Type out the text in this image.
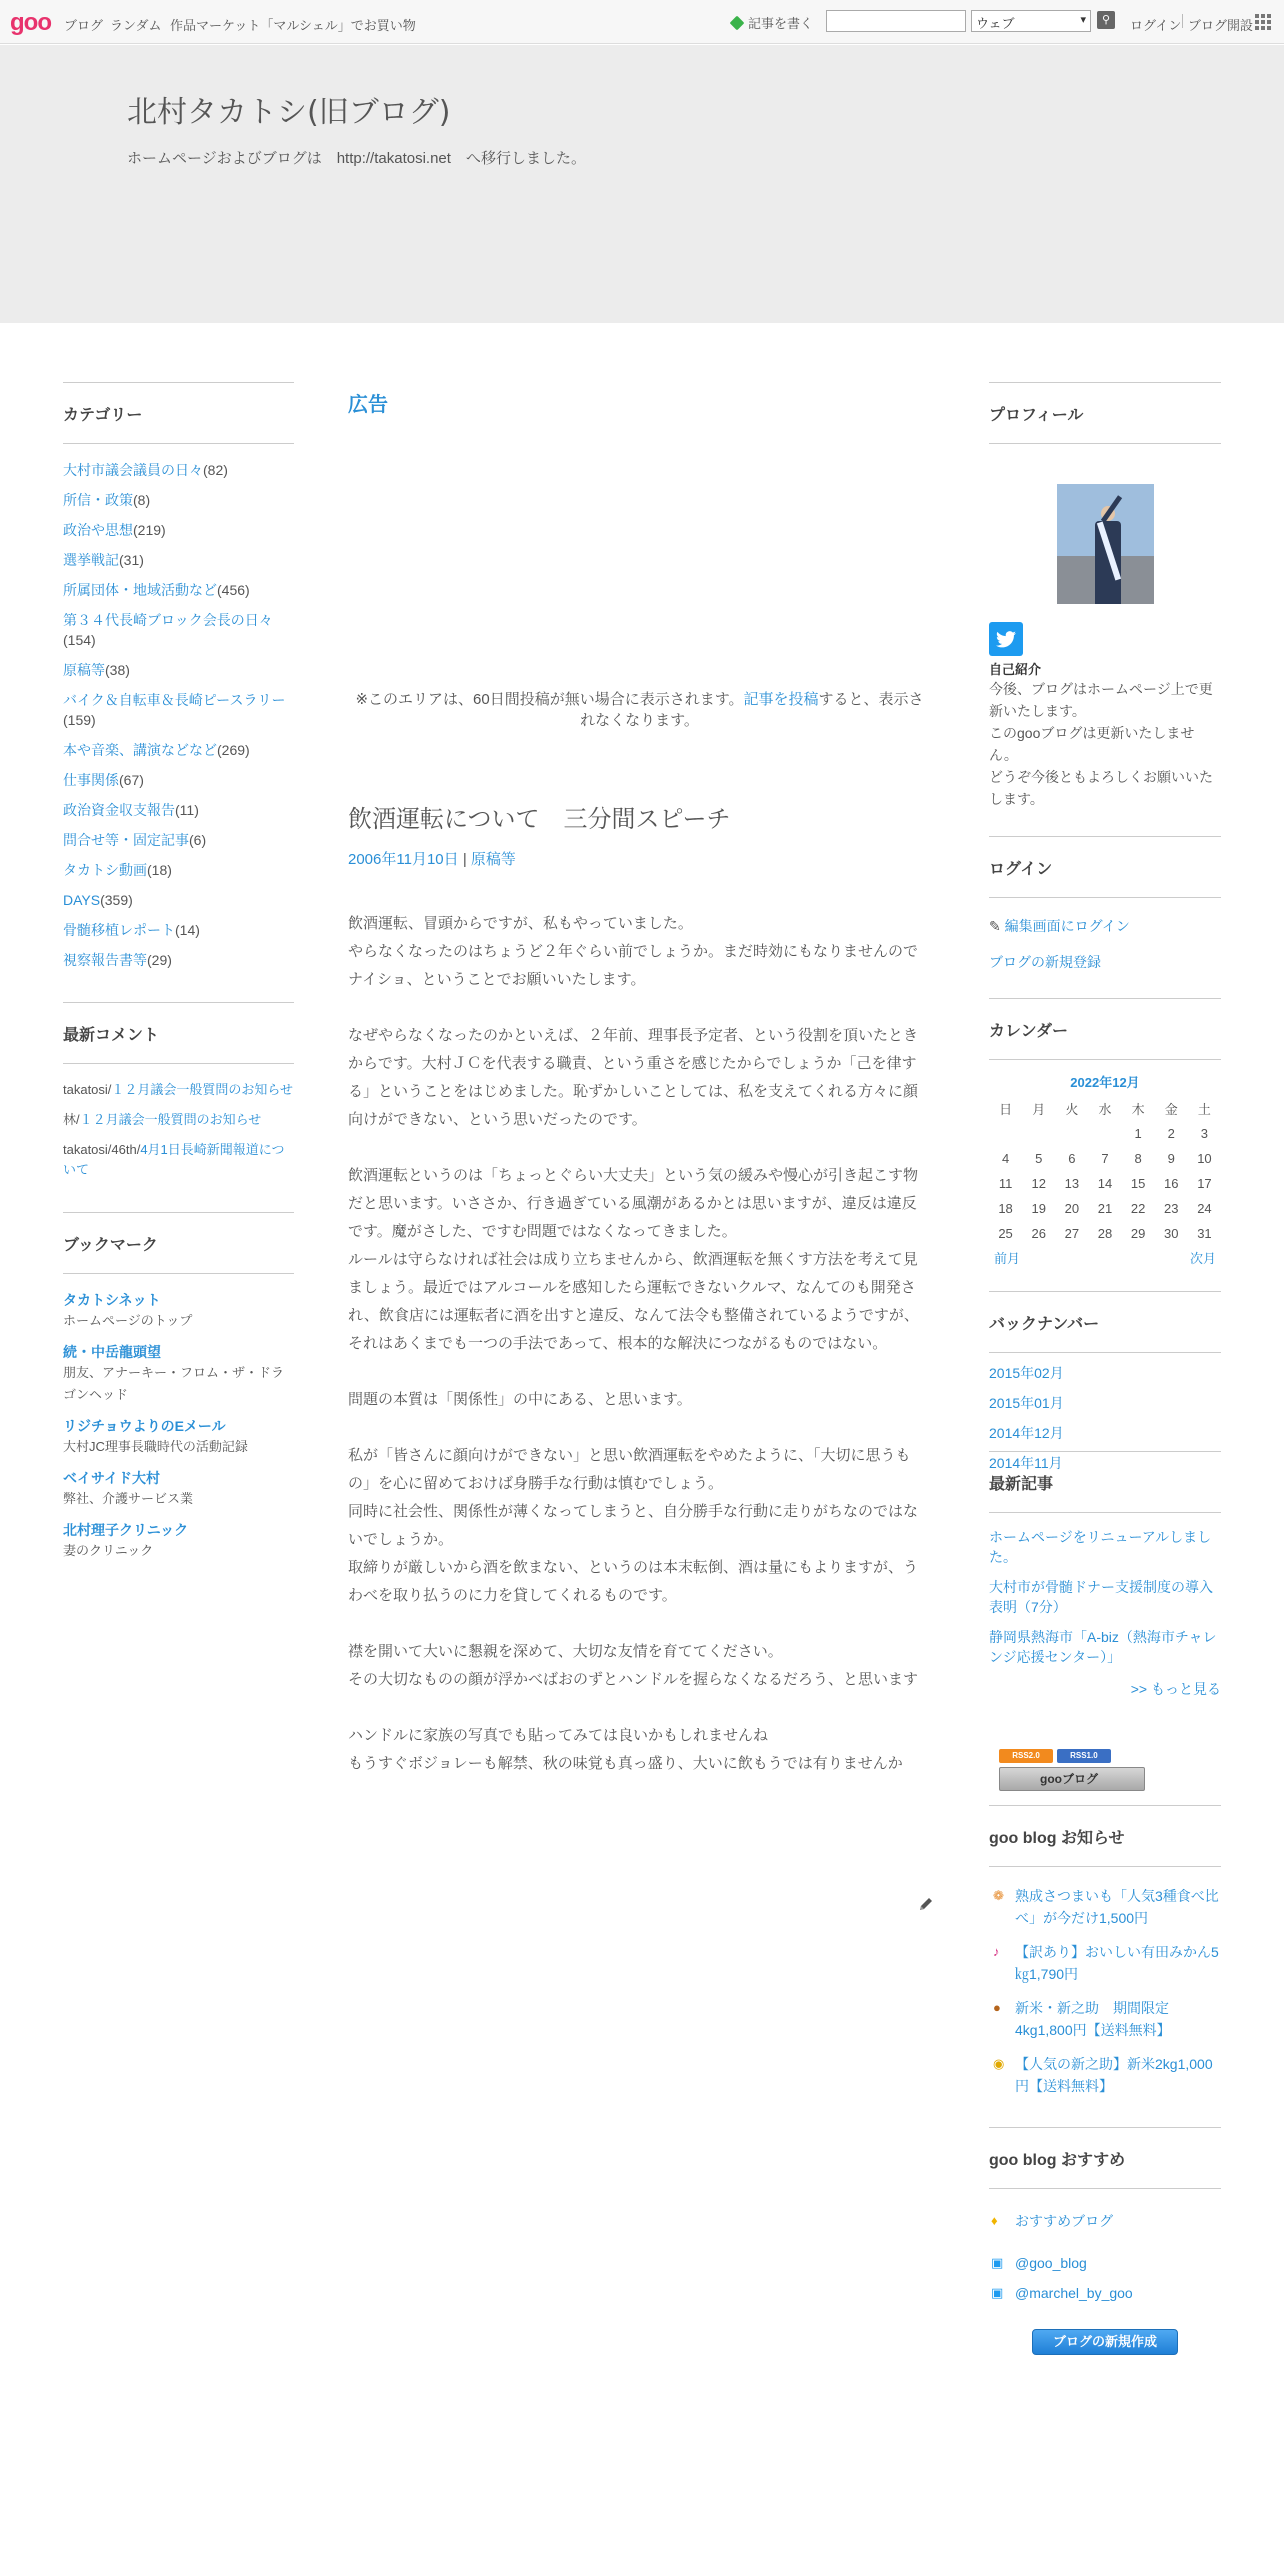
goo ブログ ランダム 作品マーケット「マルシェル」でお買い物	記事を書く	ウェブ	▾	⚲	ログイン ブログ開設
北村タカトシ(旧ブログ)
ホームページおよびブログは　http://takatosi.net　へ移行しました。
カテゴリー
大村市議会議員の日々(82)
所信・政策(8)
政治や思想(219)
選挙戦記(31)
所属団体・地域活動など(456)
第３４代長崎ブロック会長の日々(154)
原稿等(38)
バイク＆自転車＆長崎ピースラリー(159)
本や音楽、講演などなど(269)
仕事関係(67)
政治資金収支報告(11)
問合せ等・固定記事(6)
タカトシ動画(18)
DAYS(359)
骨髄移植レポート(14)
視察報告書等(29)
最新コメント
takatosi/１２月議会一般質問のお知らせ
林/１２月議会一般質問のお知らせ
takatosi/46th/4月1日長崎新聞報道について
ブックマーク
タカトシネット
ホームページのトップ
続・中岳龍頭望
朋友、アナーキー・フロム・ザ・ドラゴンヘッド
リジチョウよりのEメール
大村JC理事長職時代の活動記録
ベイサイド大村
弊社、介護サービス業
北村理子クリニック
妻のクリニック
広告
※このエリアは、60日間投稿が無い場合に表示されます。記事を投稿すると、表示されなくなります。
飲酒運転について　三分間スピーチ
2006年11月10日 | 原稿等

飲酒運転、冒頭からですが、私もやっていました。

やらなくなったのはちょうど２年ぐらい前でしょうか。まだ時効にもなりませんのでナイショ、ということでお願いいたします。

なぜやらなくなったのかといえば、２年前、理事長予定者、という役割を頂いたときからです。大村ＪＣを代表する職責、という重さを感じたからでしょうか「己を律する」ということをはじめました。恥ずかしいことしては、私を支えてくれる方々に顔向けができない、という思いだったのです。

飲酒運転というのは「ちょっとぐらい大丈夫」という気の緩みや慢心が引き起こす物だと思います。いささか、行き過ぎている風潮があるかとは思いますが、違反は違反です。魔がさした、ですむ問題ではなくなってきました。

ルールは守らなければ社会は成り立ちませんから、飲酒運転を無くす方法を考えて見ましょう。最近ではアルコールを感知したら運転できないクルマ、なんてのも開発され、飲食店には運転者に酒を出すと違反、なんて法令も整備されているようですが、それはあくまでも一つの手法であって、根本的な解決につながるものではない。

問題の本質は「関係性」の中にある、と思います。

私が「皆さんに顔向けができない」と思い飲酒運転をやめたように、「大切に思うもの」を心に留めておけば身勝手な行動は慎むでしょう。

同時に社会性、関係性が薄くなってしまうと、自分勝手な行動に走りがちなのではないでしょうか。

取締りが厳しいから酒を飲まない、というのは本末転倒、酒は量にもよりますが、うわべを取り払うのに力を貸してくれるものです。

襟を開いて大いに懇親を深めて、大切な友情を育ててください。

その大切なものの顔が浮かべばおのずとハンドルを握らなくなるだろう、と思います

ハンドルに家族の写真でも貼ってみては良いかもしれませんね

もうすぐボジョレーも解禁、秋の味覚も真っ盛り、大いに飲もうでは有りませんか

プロフィール
自己紹介
今後、ブログはホームページ上で更新いたします。
このgooブログは更新いたしません。
どうぞ今後ともよろしくお願いいたします。
ログイン
✎ 編集画面にログイン
ブログの新規登録
カレンダー
2022年12月
日	月	火	水	木	金	土
				1	2	3
4	5	6	7	8	9	10
11	12	13	14	15	16	17
18	19	20	21	22	23	24
25	26	27	28	29	30	31
前月	次月
バックナンバー
2015年02月
2015年01月
2014年12月
2014年11月
最新記事
ホームページをリニューアルしました。
大村市が骨髄ドナー支援制度の導入表明（7分）
静岡県熱海市「A-biz（熱海市チャレンジ応援センター）」
>> もっと見る
RSS2.0	RSS1.0
gooブログ
goo blog お知らせ
❁ 熟成さつまいも「人気3種食べ比べ」が今だけ1,500円
♪	【訳あり】おいしい有田みかん5㎏1,790円
●	新米・新之助　期間限定4kg1,800円【送料無料】
◉ 【人気の新之助】新米2kg1,000円【送料無料】
goo blog おすすめ
♦	おすすめブログ
▣ @goo_blog
▣ @marchel_by_goo
ブログの新規作成
